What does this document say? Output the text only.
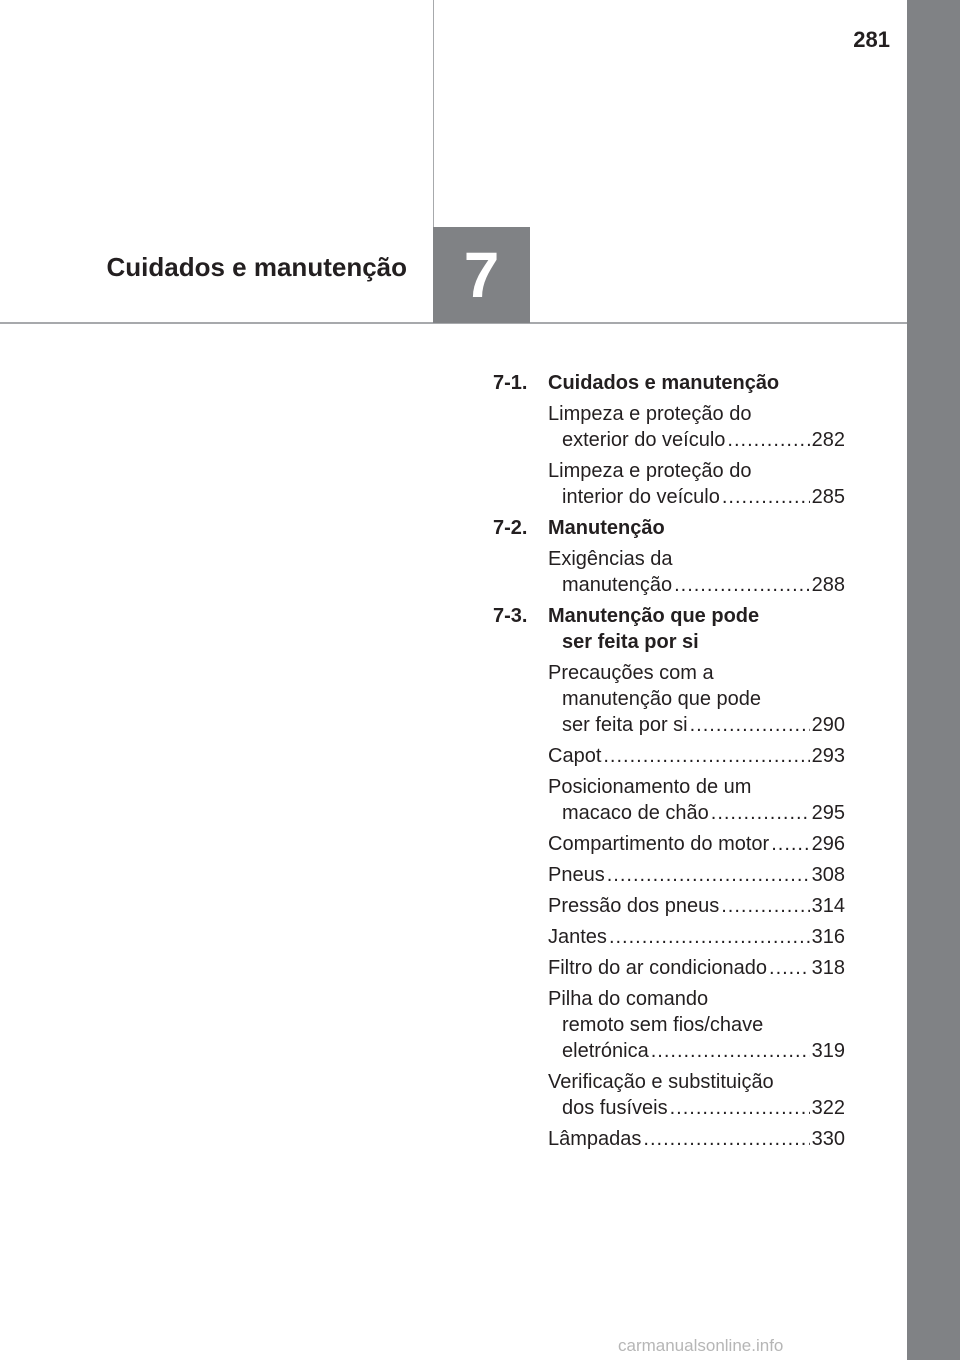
281
Cuidados e manutenção 7
7-1. Cuidados e manutenção
Limpeza e proteção do
exterior do veículo .....	282
Limpeza e proteção do
interior do veículo .....	285
7-2. Manutenção
Exigências da
manutenção .....	288
7-3. Manutenção que pode
ser feita por si
Precauções com a
manutenção que pode
ser feita por si .....	290
Capot .....	293
Posicionamento de um
macaco de chão .....	295
Compartimento do motor ..... 296
Pneus .....	308
Pressão dos pneus .....	314
Jantes .....	316
Filtro do ar condicionado ..... 318
Pilha do comando
remoto sem fios/chave
eletrónica .....	319
Verificação e substituição
dos fusíveis .....	322
Lâmpadas .....	330
carmanualsonline.info
